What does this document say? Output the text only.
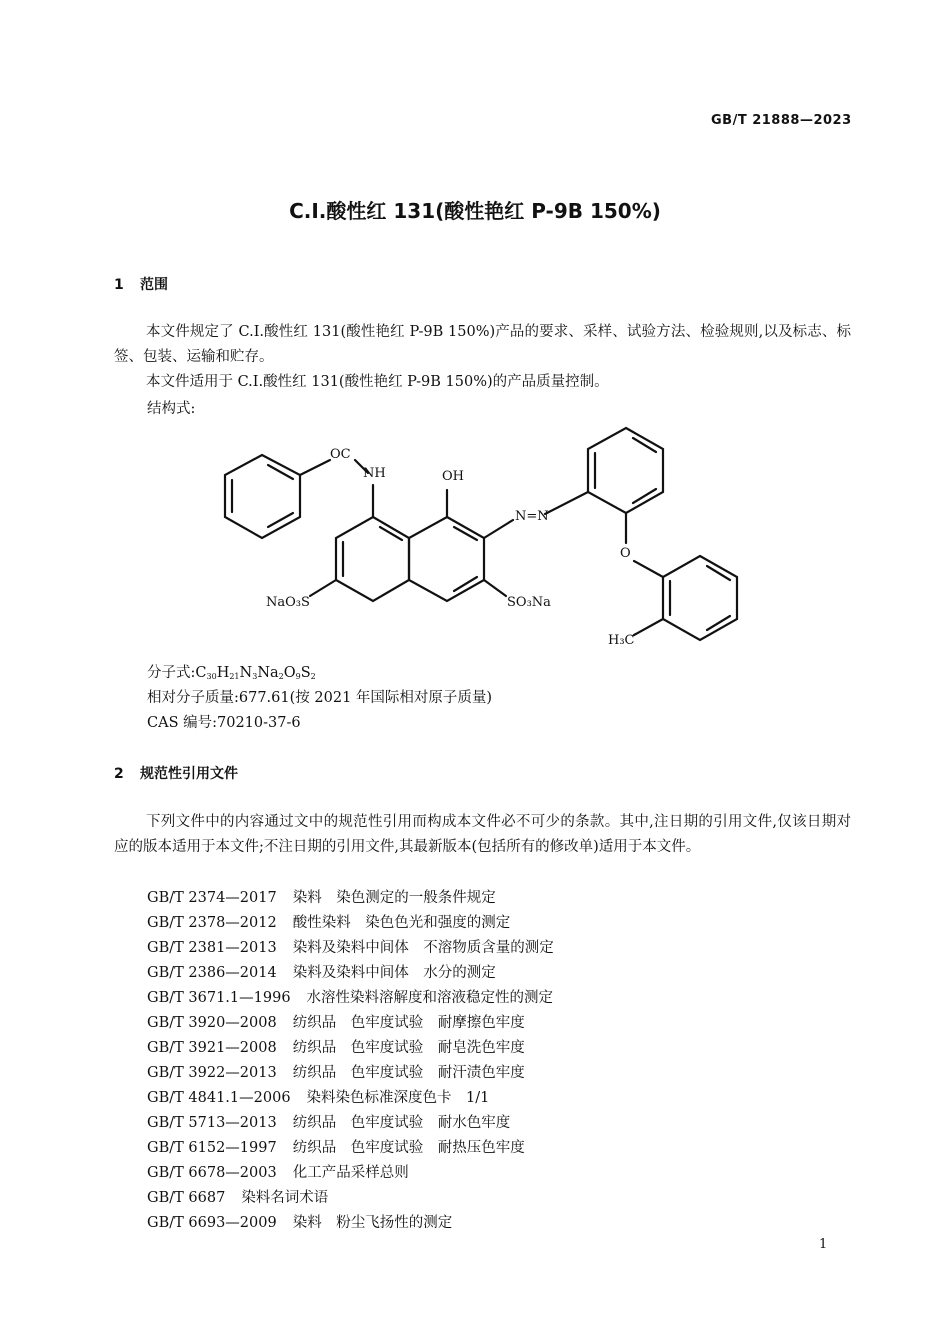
GB/T 21888—2023
C.I.酸性红 131(酸性艳红 P-9B 150%)
1 范围

本文件规定了 C.I.酸性红 131(酸性艳红 P-9B 150%)产品的要求、采样、试验方法、检验规则,以及标志、标签、包装、运输和贮存。

本文件适用于 C.I.酸性红 131(酸性艳红 P-9B 150%)的产品质量控制。

结构式:
OC
NH	OH
N=N
O
SO₃Na
NaO₃S
H₃C
分子式$:C_{30}H_{21}N_3Na_2O_9S_2$
相对分子质量:677.61(按 2021 年国际相对原子质量)
CAS 编号:70210-37-6
2 规范性引用文件

下列文件中的内容通过文中的规范性引用而构成本文件必不可少的条款。其中,注日期的引用文件,仅该日期对应的版本适用于本文件;不注日期的引用文件,其最新版本(包括所有的修改单)适用于本文件。

GB/T 2374—2017 染料　染色测定的一般条件规定
GB/T 2378—2012 酸性染料　染色色光和强度的测定
GB/T 2381—2013 染料及染料中间体　不溶物质含量的测定
GB/T 2386—2014 染料及染料中间体　水分的测定
GB/T 3671.1—1996 水溶性染料溶解度和溶液稳定性的测定
GB/T 3920—2008 纺织品　色牢度试验　耐摩擦色牢度
GB/T 3921—2008 纺织品　色牢度试验　耐皂洗色牢度
GB/T 3922—2013 纺织品　色牢度试验　耐汗渍色牢度
GB/T 4841.1—2006 染料染色标准深度色卡　1/1
GB/T 5713—2013 纺织品　色牢度试验　耐水色牢度
GB/T 6152—1997 纺织品　色牢度试验　耐热压色牢度
GB/T 6678—2003 化工产品采样总则
GB/T 6687 染料名词术语
GB/T 6693—2009 染料　粉尘飞扬性的测定
1
